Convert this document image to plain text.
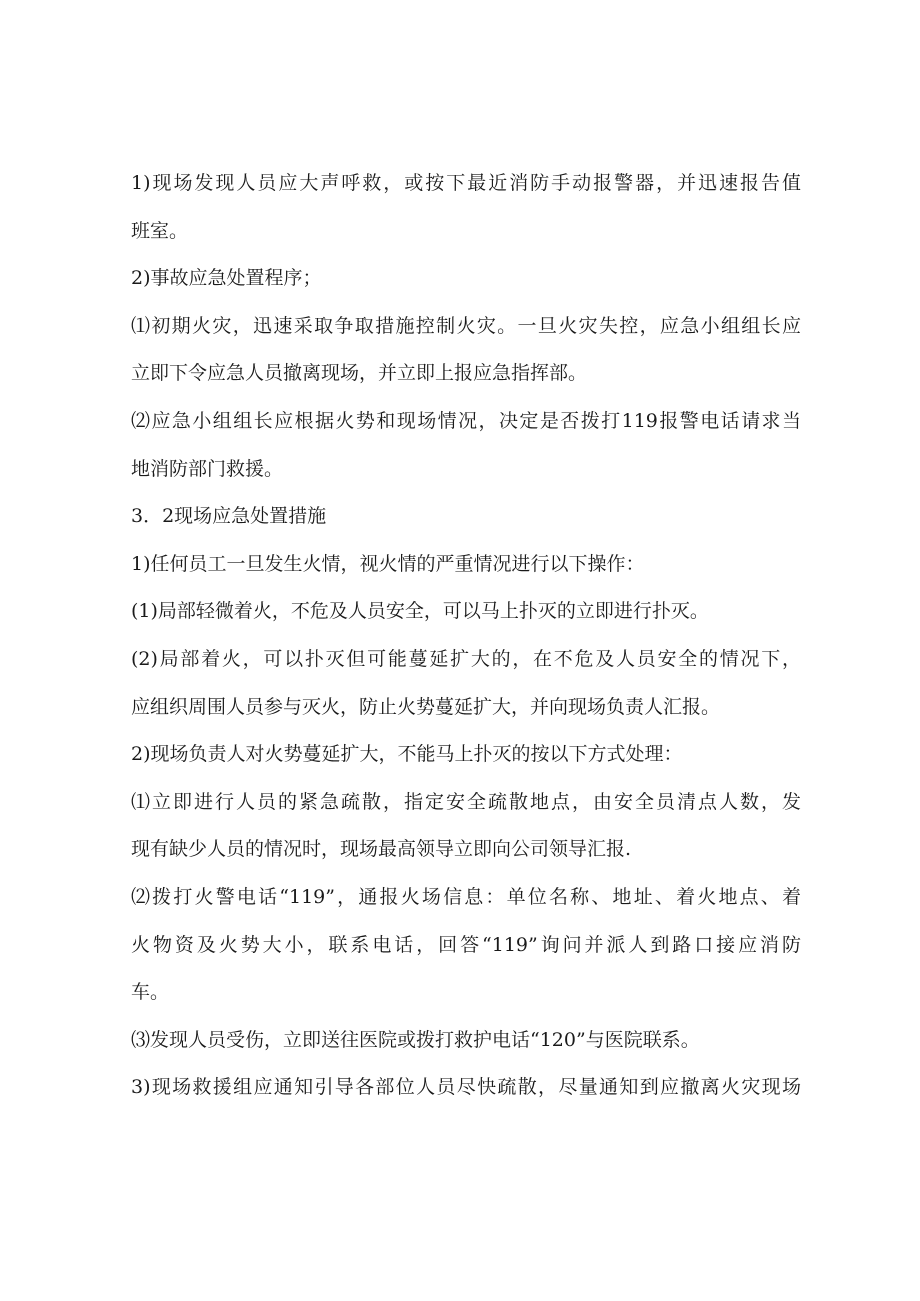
1)现场发现人员应大声呼救，或按下最近消防手动报警器，并迅速报告值
班室。
2)事故应急处置程序；
⑴初期火灾，迅速采取争取措施控制火灾。一旦火灾失控，应急小组组长应
立即下令应急人员撤离现场，并立即上报应急指挥部。
⑵应急小组组长应根据火势和现场情况，决定是否拨打119报警电话请求当
地消防部门救援。
3．2现场应急处置措施
1)任何员工一旦发生火情，视火情的严重情况进行以下操作：
(1)局部轻微着火，不危及人员安全，可以马上扑灭的立即进行扑灭。
(2)局部着火，可以扑灭但可能蔓延扩大的，在不危及人员安全的情况下，
应组织周围人员参与灭火，防止火势蔓延扩大，并向现场负责人汇报。
2)现场负责人对火势蔓延扩大，不能马上扑灭的按以下方式处理：
⑴立即进行人员的紧急疏散，指定安全疏散地点，由安全员清点人数，发
现有缺少人员的情况时，现场最高领导立即向公司领导汇报.
⑵拨打火警电话“119”，通报火场信息：单位名称、地址、着火地点、着
火物资及火势大小，联系电话，回答“119”询问并派人到路口接应消防
车。
⑶发现人员受伤，立即送往医院或拨打救护电话“120”与医院联系。
3)现场救援组应通知引导各部位人员尽快疏散，尽量通知到应撤离火灾现场
